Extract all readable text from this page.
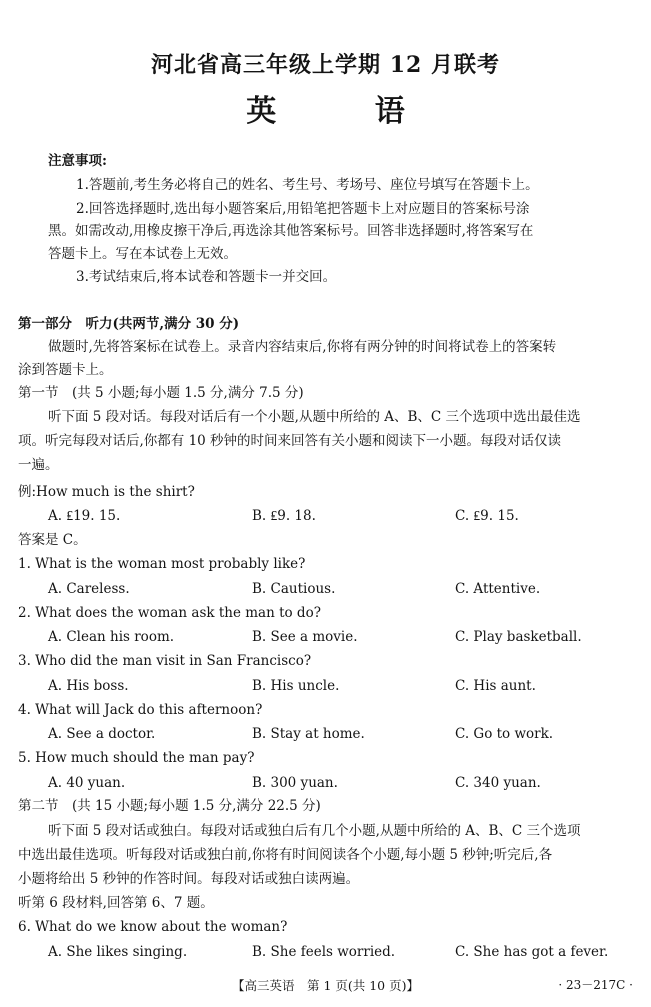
河北省高三年级上学期 12 月联考
英 语
注意事项:
1.答题前,考生务必将自己的姓名、考生号、考场号、座位号填写在答题卡上。
2.回答选择题时,选出每小题答案后,用铅笔把答题卡上对应题目的答案标号涂
黑。如需改动,用橡皮擦干净后,再选涂其他答案标号。回答非选择题时,将答案写在
答题卡上。写在本试卷上无效。
3.考试结束后,将本试卷和答题卡一并交回。
第一部分　听力(共两节,满分 30 分)
做题时,先将答案标在试卷上。录音内容结束后,你将有两分钟的时间将试卷上的答案转
涂到答题卡上。
第一节　(共 5 小题;每小题 1.5 分,满分 7.5 分)
听下面 5 段对话。每段对话后有一个小题,从题中所给的 A、B、C 三个选项中选出最佳选
项。听完每段对话后,你都有 10 秒钟的时间来回答有关小题和阅读下一小题。每段对话仅读
一遍。
例:How much is the shirt?
A. ₤19. 15.	B. ₤9. 18.	C. ₤9. 15.
答案是 C。
1. What is the woman most probably like?
A. Careless.	B. Cautious.	C. Attentive.
2. What does the woman ask the man to do?
A. Clean his room.	B. See a movie.	C. Play basketball.
3. Who did the man visit in San Francisco?
A. His boss.	B. His uncle.	C. His aunt.
4. What will Jack do this afternoon?
A. See a doctor.	B. Stay at home.	C. Go to work.
5. How much should the man pay?
A. 40 yuan.	B. 300 yuan.	C. 340 yuan.
第二节　(共 15 小题;每小题 1.5 分,满分 22.5 分)
听下面 5 段对话或独白。每段对话或独白后有几个小题,从题中所给的 A、B、C 三个选项
中选出最佳选项。听每段对话或独白前,你将有时间阅读各个小题,每小题 5 秒钟;听完后,各
小题将给出 5 秒钟的作答时间。每段对话或独白读两遍。
听第 6 段材料,回答第 6、7 题。
6. What do we know about the woman?
A. She likes singing.	B. She feels worried.	C. She has got a fever.
【高三英语　第 1 页(共 10 页)】	· 23－217C ·
